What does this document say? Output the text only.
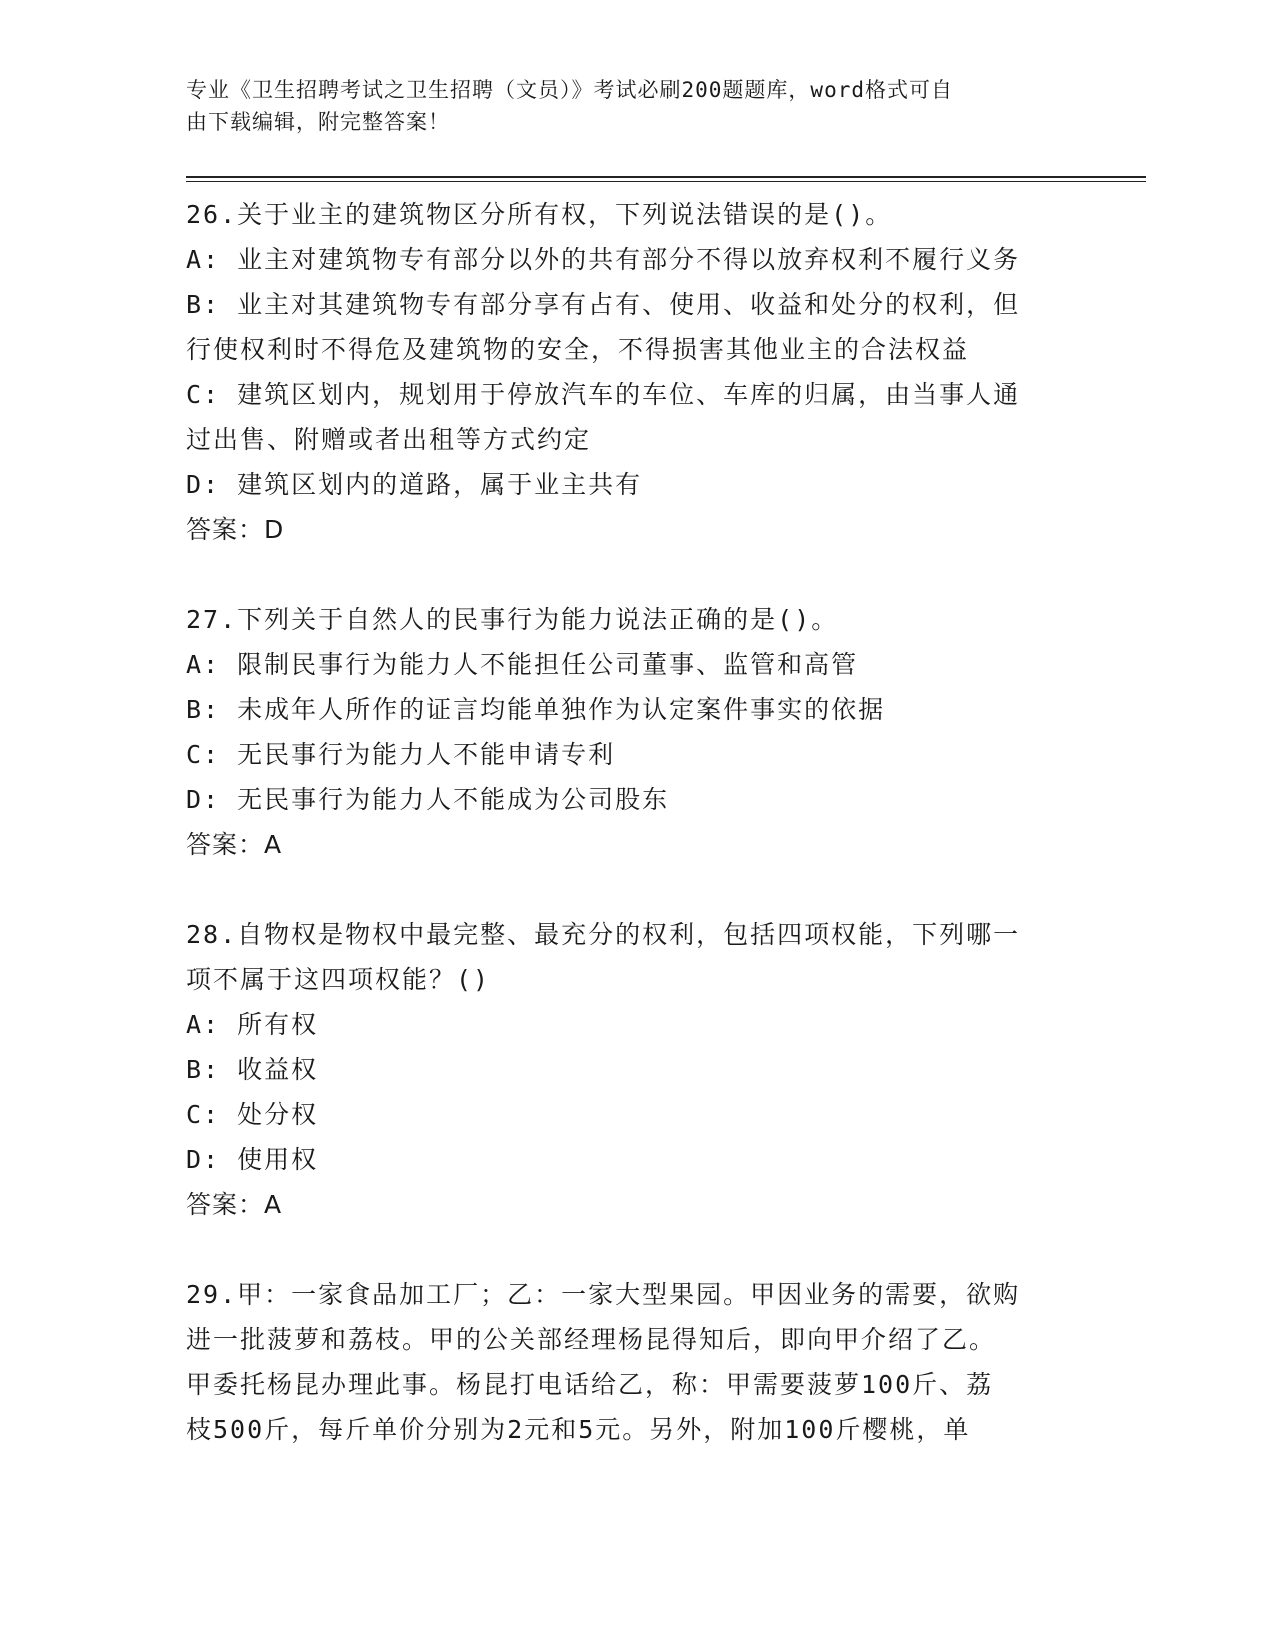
专业《卫生招聘考试之卫生招聘（文员）》考试必刷200题题库，word格式可自
由下载编辑，附完整答案！

26.关于业主的建筑物区分所有权，下列说法错误的是()。

A: 业主对建筑物专有部分以外的共有部分不得以放弃权利不履行义务

B: 业主对其建筑物专有部分享有占有、使用、收益和处分的权利，但

行使权利时不得危及建筑物的安全，不得损害其他业主的合法权益

C: 建筑区划内，规划用于停放汽车的车位、车库的归属，由当事人通

过出售、附赠或者出租等方式约定

D: 建筑区划内的道路，属于业主共有

答案：D

27.下列关于自然人的民事行为能力说法正确的是()。

A: 限制民事行为能力人不能担任公司董事、监管和高管

B: 未成年人所作的证言均能单独作为认定案件事实的依据

C: 无民事行为能力人不能申请专利

D: 无民事行为能力人不能成为公司股东

答案：A

28.自物权是物权中最完整、最充分的权利，包括四项权能，下列哪一

项不属于这四项权能？()

A: 所有权

B: 收益权

C: 处分权

D: 使用权

答案：A

29.甲：一家食品加工厂；乙：一家大型果园。甲因业务的需要，欲购

进一批菠萝和荔枝。甲的公关部经理杨昆得知后，即向甲介绍了乙。

甲委托杨昆办理此事。杨昆打电话给乙，称：甲需要菠萝100斤、荔

枝500斤，每斤单价分别为2元和5元。另外，附加100斤樱桃，单
